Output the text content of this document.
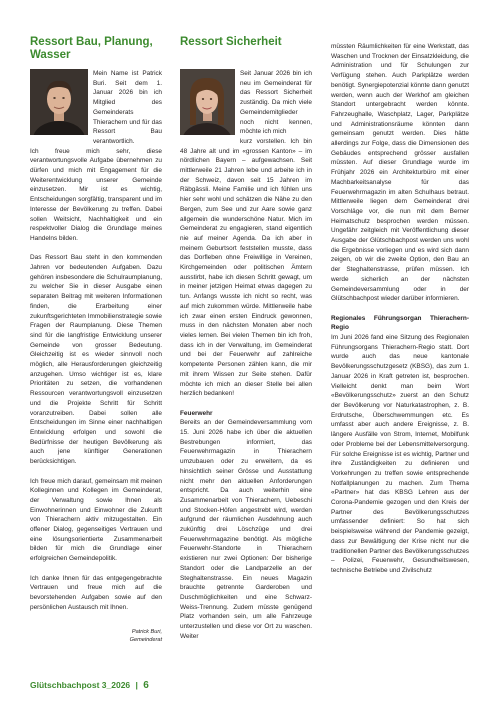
Ressort Bau, Planung, Wasser
Ressort Sicherheit

Mein Name ist Patrick Buri. Seit dem 1. Januar 2026 bin ich Mitglied des Gemeinderats Thierachern und für das Ressort Bau verantwortlich.

Ich freue mich sehr, diese verantwortungsvolle Aufgabe übernehmen zu dürfen und mich mit Engagement für die Weiterentwicklung unserer Gemeinde einzusetzen. Mir ist es wichtig, Entscheidungen sorgfältig, transparent und im Interesse der Bevölkerung zu treffen. Dabei sollen Weitsicht, Nachhaltigkeit und ein respektvoller Dialog die Grundlage meines Handelns bilden.

Das Ressort Bau steht in den kommenden Jahren vor bedeutenden Aufgaben. Dazu gehören insbesondere die Schulraumplanung, zu welcher Sie in dieser Ausgabe einen separaten Beitrag mit weiteren Informationen finden, die Erarbeitung einer zukunftsgerichteten Immobilienstrategie sowie Fragen der Raumplanung. Diese Themen sind für die langfristige Entwicklung unserer Gemeinde von grosser Bedeutung. Gleichzeitig ist es wieder sinnvoll noch möglich, alle Herausforderungen gleichzeitig anzugehen. Umso wichtiger ist es, klare Prioritäten zu setzen, die vorhandenen Ressourcen verantwortungsvoll einzusetzen und die Projekte Schritt für Schritt voranzutreiben. Dabei sollen alle Entscheidungen im Sinne einer nachhaltigen Entwicklung erfolgen und sowohl die Bedürfnisse der heutigen Bevölkerung als auch jene künftiger Generationen berücksichtigen.

Ich freue mich darauf, gemeinsam mit meinen Kolleginnen und Kollegen im Gemeinderat, der Verwaltung sowie Ihnen als Einwohnerinnen und Einwohner die Zukunft von Thierachern aktiv mitzugestalten. Ein offener Dialog, gegenseitiges Vertrauen und eine lösungsorientierte Zusammenarbeit bilden für mich die Grundlage einer erfolgreichen Gemeindepolitik.

Ich danke Ihnen für das entgegengebrachte Vertrauen und freue mich auf die bevorstehenden Aufgaben sowie auf den persönlichen Austausch mit Ihnen.

Patrick Buri,

Gemeinderat

Seit Januar 2026 bin ich neu im Gemeinderat für das Ressort Sicherheit zuständig. Da mich viele Gemeindemitglieder noch nicht kennen, möchte ich mich

kurz vorstellen. Ich bin 48 Jahre alt und im «grossen Kanton» – im nördlichen Bayern – aufgewachsen. Seit mittlerweile 21 Jahren lebe und arbeite ich in der Schweiz, davon seit 15 Jahren im Räbgässli. Meine Familie und ich fühlen uns hier sehr wohl und schätzen die Nähe zu den Bergen, zum See und zur Aare sowie ganz allgemein die wunderschöne Natur. Mich im Gemeinderat zu engagieren, stand eigentlich nie auf meiner Agenda. Da ich aber in meinem Geburtsort feststellen musste, dass das Dorfleben ohne Freiwillige in Vereinen, Kirchgemeinden oder politischen Ämtern ausstirbt, habe ich diesen Schritt gewagt, um in meiner jetzigen Heimat etwas dagegen zu tun. Anfangs wusste ich nicht so recht, was auf mich zukommen würde. Mittlerweile habe ich zwar einen ersten Eindruck gewonnen, muss in den nächsten Monaten aber noch vieles lernen. Bei vielen Themen bin ich froh, dass ich in der Verwaltung, im Gemeinderat und bei der Feuerwehr auf zahlreiche kompetente Personen zählen kann, die mir mit ihrem Wissen zur Seite stehen. Dafür möchte ich mich an dieser Stelle bei allen herzlich bedanken!

Feuerwehr

Bereits an der Gemeindeversammlung vom 15. Juni 2026 habe ich über die aktuellen Bestrebungen informiert, das Feuerwehrmagazin in Thierachern umzubauen oder zu erweitern, da es hinsichtlich seiner Grösse und Ausstattung nicht mehr den aktuellen Anforderungen entspricht. Da auch weiterhin eine Zusammenarbeit von Thierachern, Uebeschi und Stocken-Höfen angestrebt wird, werden aufgrund der räumlichen Ausdehnung auch zukünftig drei Löschzüge und drei Feuerwehrmagazine benötigt. Als mögliche Feuerwehr-Standorte in Thierachern existieren nur zwei Optionen: Der bisherige Standort oder die Landparzelle an der Steghaltenstrasse. Ein neues Magazin brauchte getrennte Garderoben und Duschmöglichkeiten und eine Schwarz-Weiss-Trennung. Zudem müsste genügend Platz vorhanden sein, um alle Fahrzeuge unterzustellen und diese vor Ort zu waschen. Weiter

müssten Räumlichkeiten für eine Werkstatt, das Waschen und Trocknen der Einsatzkleidung, die Administration und für Schulungen zur Verfügung stehen. Auch Parkplätze werden benötigt. Synergiepotenzial könnte dann genutzt werden, wenn auch der Werkhof am gleichen Standort untergebracht werden könnte. Fahrzeughalle, Waschplatz, Lager, Parkplätze und Administrationsräume könnten dann gemeinsam genutzt werden. Dies hätte allerdings zur Folge, dass die Dimensionen des Gebäudes entsprechend grösser ausfallen müssten. Auf dieser Grundlage wurde im Frühjahr 2026 ein Architekturbüro mit einer Machbarkeitsanalyse für das Feuerwehrmagazin im alten Schulhaus betraut. Mittlerweile liegen dem Gemeinderat drei Vorschläge vor, die nun mit dem Berner Heimatschutz besprochen werden müssen. Ungefähr zeitgleich mit Veröffentlichung dieser Ausgabe der Glütschbachpost werden uns wohl die Ergebnisse vorliegen und es wird sich dann zeigen, ob wir die zweite Option, den Bau an der Steghaltenstrasse, prüfen müssen. Ich werde sicherlich an der nächsten Gemeindeversammlung oder in der Glütschbachpost wieder darüber informieren.

Regionales Führungsorgan Thierachern-Regio

Im Juni 2026 fand eine Sitzung des Regionalen Führungsorgans Thierachern-Regio statt. Dort wurde auch das neue kantonale Bevölkerungsschutzgesetz (KBSG), das zum 1. Januar 2026 in Kraft getreten ist, besprochen. Vielleicht denkt man beim Wort «Bevölkerungsschutz» zuerst an den Schutz der Bevölkerung vor Naturkatastrophen, z. B. Erdrutsche, Überschwemmungen etc. Es umfasst aber auch andere Ereignisse, z. B. längere Ausfälle von Strom, Internet, Mobilfunk oder Probleme bei der Lebensmittelversorgung. Für solche Ereignisse ist es wichtig, Partner und ihre Zuständigkeiten zu definieren und Vorkehrungen zu treffen sowie entsprechende Notfallplanungen zu machen. Zum Thema «Partner» hat das KBSG Lehren aus der Corona-Pandemie gezogen und den Kreis der Partner des Bevölkerungsschutzes umfassender definiert: So hat sich beispielsweise während der Pandemie gezeigt, dass zur Bewältigung der Krise nicht nur die traditionellen Partner des Bevölkerungsschutzes – Polizei, Feuerwehr, Gesundheitswesen, technische Betriebe und Zivilschutz

Glütschbachpost 3_2026 | 6
